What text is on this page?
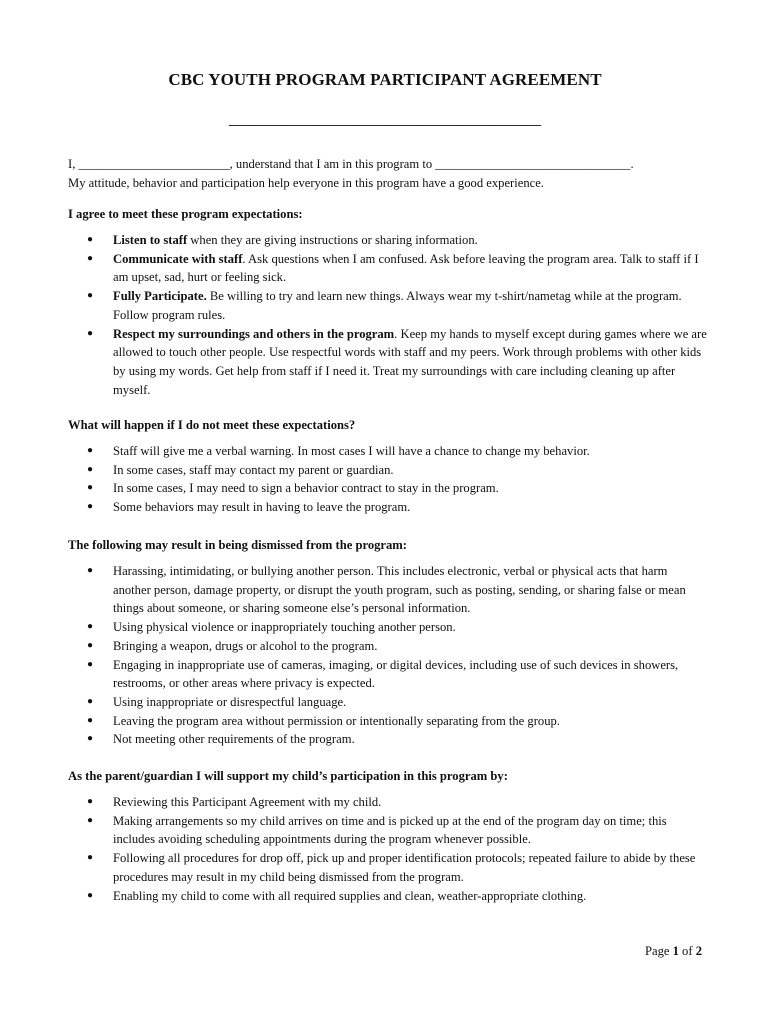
CBC YOUTH PROGRAM PARTICIPANT AGREEMENT
________________________________________________
I, ________________________, understand that I am in this program to _______________________________.
My attitude, behavior and participation help everyone in this program have a good experience.

I agree to meet these program expectations:

● Listen to staff when they are giving instructions or sharing information.
● Communicate with staff. Ask questions when I am confused. Ask before leaving the program area. Talk to staff if I am upset, sad, hurt or feeling sick.
● Fully Participate. Be willing to try and learn new things. Always wear my t-shirt/nametag while at the program. Follow program rules.
● Respect my surroundings and others in the program. Keep my hands to myself except during games where we are allowed to touch other people. Use respectful words with staff and my peers. Work through problems with other kids by using my words. Get help from staff if I need it. Treat my surroundings with care including cleaning up after myself.

What will happen if I do not meet these expectations?

● Staff will give me a verbal warning. In most cases I will have a chance to change my behavior.
● In some cases, staff may contact my parent or guardian.
● In some cases, I may need to sign a behavior contract to stay in the program.
● Some behaviors may result in having to leave the program.

The following may result in being dismissed from the program:

● Harassing, intimidating, or bullying another person. This includes electronic, verbal or physical acts that harm another person, damage property, or disrupt the youth program, such as posting, sending, or sharing false or mean things about someone, or sharing someone else’s personal information.
● Using physical violence or inappropriately touching another person.
● Bringing a weapon, drugs or alcohol to the program.
● Engaging in inappropriate use of cameras, imaging, or digital devices, including use of such devices in showers, restrooms, or other areas where privacy is expected.
● Using inappropriate or disrespectful language.
● Leaving the program area without permission or intentionally separating from the group.
● Not meeting other requirements of the program.

As the parent/guardian I will support my child’s participation in this program by:

● Reviewing this Participant Agreement with my child.
● Making arrangements so my child arrives on time and is picked up at the end of the program day on time; this includes avoiding scheduling appointments during the program whenever possible.
● Following all procedures for drop off, pick up and proper identification protocols; repeated failure to abide by these procedures may result in my child being dismissed from the program.
● Enabling my child to come with all required supplies and clean, weather-appropriate clothing.
Page 1 of 2
